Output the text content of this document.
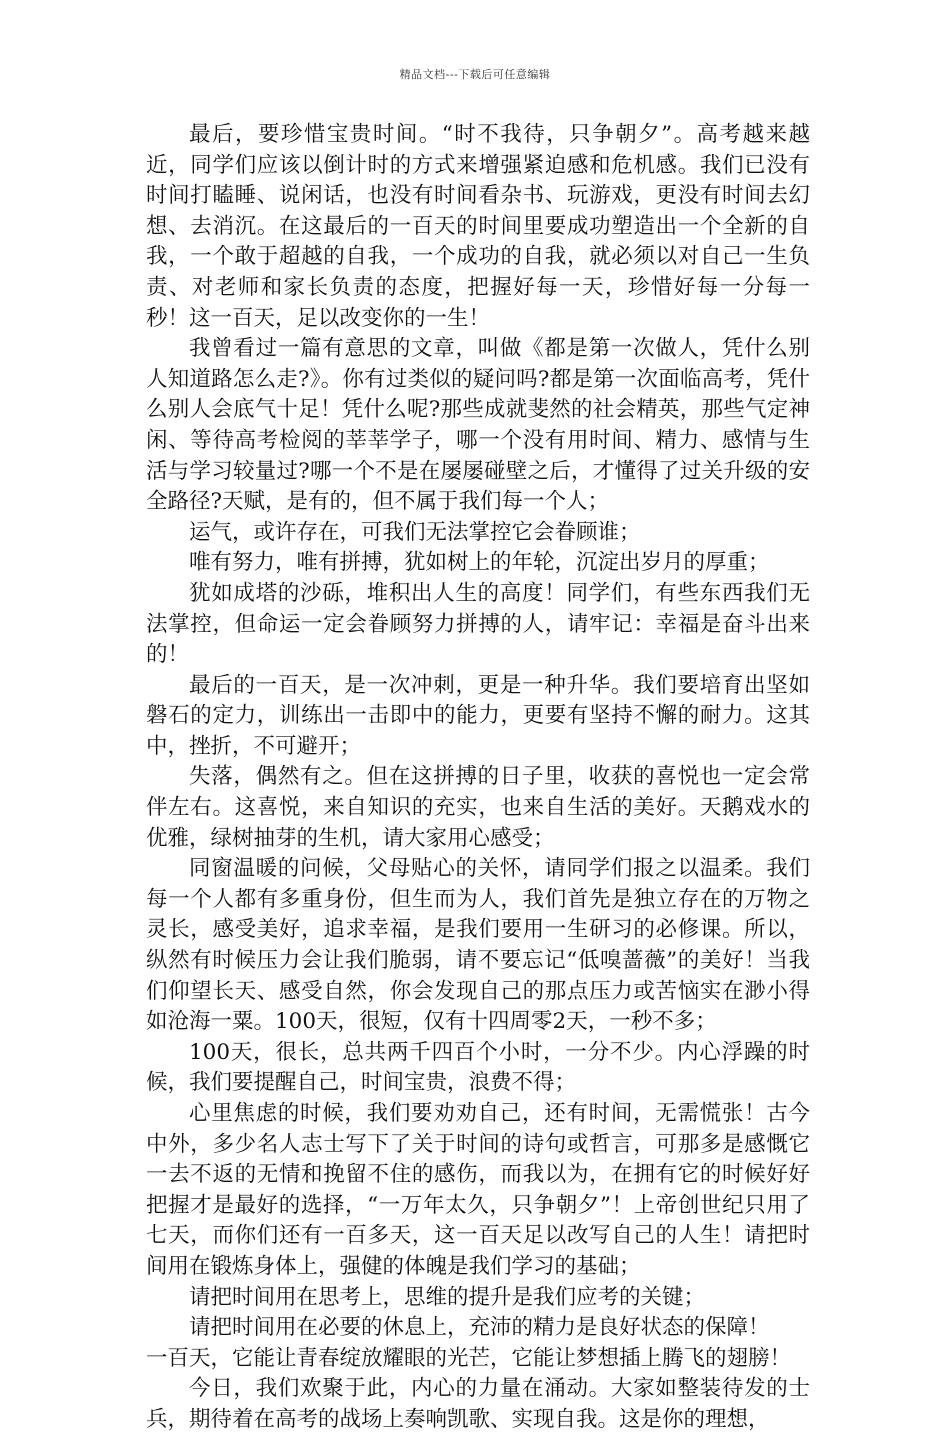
精品文档---下载后可任意编辑

最后，要珍惜宝贵时间。“时不我待，只争朝夕”。高考越来越近，同学们应该以倒计时的方式来增强紧迫感和危机感。我们已没有时间打瞌睡、说闲话，也没有时间看杂书、玩游戏，更没有时间去幻想、去消沉。在这最后的一百天的时间里要成功塑造出一个全新的自我，一个敢于超越的自我，一个成功的自我，就必须以对自己一生负责、对老师和家长负责的态度，把握好每一天，珍惜好每一分每一秒！这一百天，足以改变你的一生！

我曾看过一篇有意思的文章，叫做《都是第一次做人，凭什么别人知道路怎么走?》。你有过类似的疑问吗?都是第一次面临高考，凭什么别人会底气十足！凭什么呢?那些成就斐然的社会精英，那些气定神闲、等待高考检阅的莘莘学子，哪一个没有用时间、精力、感情与生活与学习较量过?哪一个不是在屡屡碰壁之后，才懂得了过关升级的安全路径?天赋，是有的，但不属于我们每一个人；

运气，或许存在，可我们无法掌控它会眷顾谁；

唯有努力，唯有拼搏，犹如树上的年轮，沉淀出岁月的厚重；

犹如成塔的沙砾，堆积出人生的高度！同学们，有些东西我们无法掌控，但命运一定会眷顾努力拼搏的人，请牢记：幸福是奋斗出来的！

最后的一百天，是一次冲刺，更是一种升华。我们要培育出坚如磐石的定力，训练出一击即中的能力，更要有坚持不懈的耐力。这其中，挫折，不可避开；

失落，偶然有之。但在这拼搏的日子里，收获的喜悦也一定会常伴左右。这喜悦，来自知识的充实，也来自生活的美好。天鹅戏水的优雅，绿树抽芽的生机，请大家用心感受；

同窗温暖的问候，父母贴心的关怀，请同学们报之以温柔。我们每一个人都有多重身份，但生而为人，我们首先是独立存在的万物之灵长，感受美好，追求幸福，是我们要用一生研习的必修课。所以，纵然有时候压力会让我们脆弱，请不要忘记“低嗅蔷薇”的美好！当我们仰望长天、感受自然，你会发现自己的那点压力或苦恼实在渺小得如沧海一粟。100天，很短，仅有十四周零2天，一秒不多；

100天，很长，总共两千四百个小时，一分不少。内心浮躁的时候，我们要提醒自己，时间宝贵，浪费不得；

心里焦虑的时候，我们要劝劝自己，还有时间，无需慌张！古今中外，多少名人志士写下了关于时间的诗句或哲言，可那多是感慨它一去不返的无情和挽留不住的感伤，而我以为，在拥有它的时候好好把握才是最好的选择，“一万年太久，只争朝夕”！上帝创世纪只用了七天，而你们还有一百多天，这一百天足以改写自己的人生！请把时间用在锻炼身体上，强健的体魄是我们学习的基础；

请把时间用在思考上，思维的提升是我们应考的关键；

请把时间用在必要的休息上，充沛的精力是良好状态的保障！

一百天，它能让青春绽放耀眼的光芒，它能让梦想插上腾飞的翅膀！

今日，我们欢聚于此，内心的力量在涌动。大家如整装待发的士兵，期待着在高考的战场上奏响凯歌、实现自我。这是你的理想，
